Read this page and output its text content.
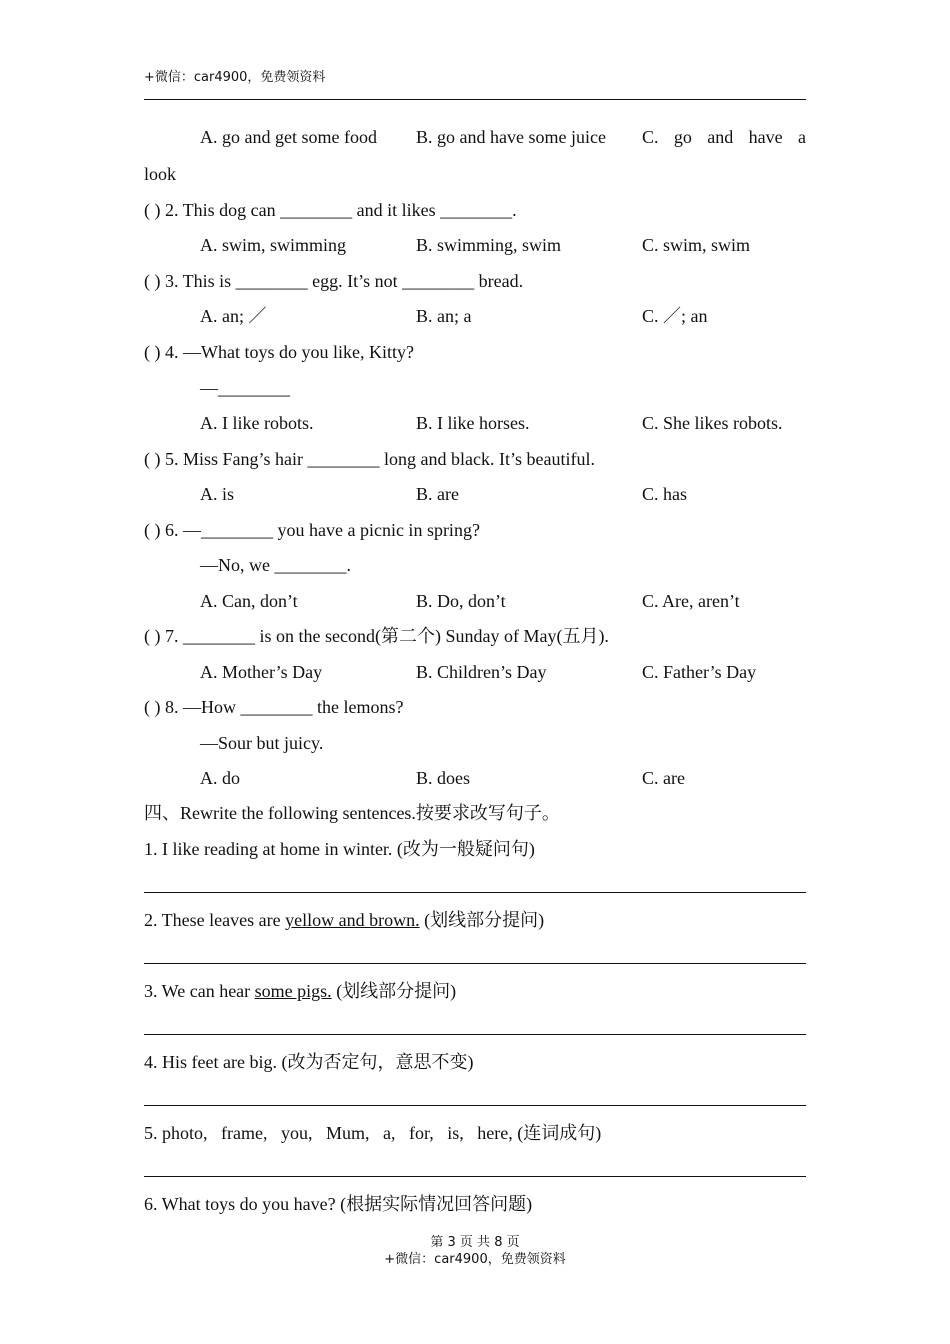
+微信：car4900，免费领资料
A. go and get some food B. go and have some juice C. go and have a
look
( ) 2. This dog can ________ and it likes ________.
A. swim, swimming	B. swimming, swim	C. swim, swim
( ) 3. This is ________ egg. It’s not ________ bread.
A. an; ／	B. an; a	C. ／; an
( ) 4. —What toys do you like, Kitty?
—________
A. I like robots.	B. I like horses.	C. She likes robots.
( ) 5. Miss Fang’s hair ________ long and black. It’s beautiful.
A. is	B. are	C. has
( ) 6. —________ you have a picnic in spring?
—No, we ________.
A. Can, don’t	B. Do, don’t	C. Are, aren’t
( ) 7. ________ is on the second(第二个) Sunday of May(五月).
A. Mother’s Day	B. Children’s Day	C. Father’s Day
( ) 8. —How ________ the lemons?
—Sour but juicy.
A. do	B. does	C. are
四、Rewrite the following sentences.按要求改写句子。
1. I like reading at home in winter. (改为一般疑问句)
2. These leaves are yellow and brown. (划线部分提问)
3. We can hear some pigs. (划线部分提问)
4. His feet are big. (改为否定句，意思不变)
5. photo,   frame,   you,   Mum,   a,   for,   is,   here, (连词成句)
6. What toys do you have? (根据实际情况回答问题)
第 3 页 共 8 页
+微信：car4900，免费领资料
